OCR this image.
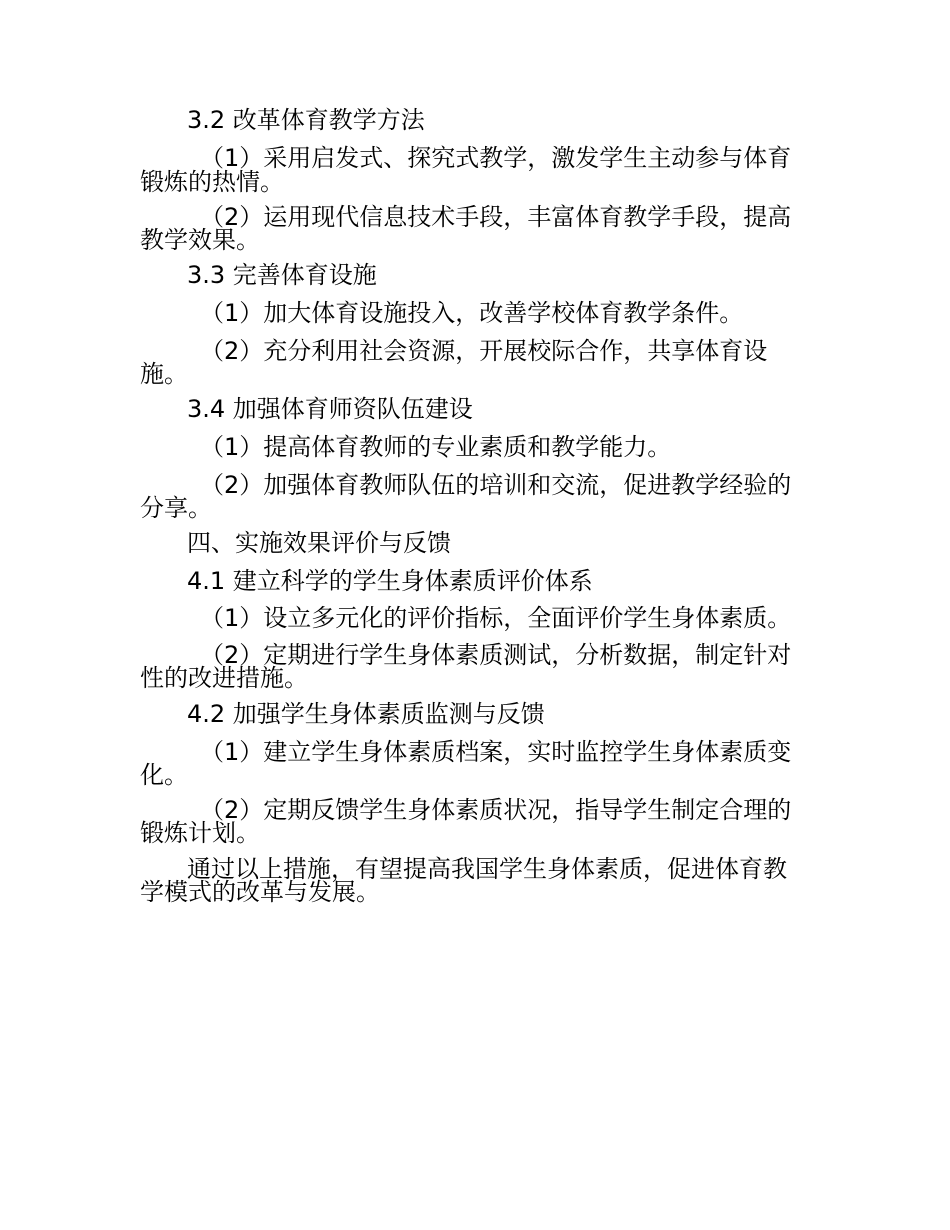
3.2 改革体育教学方法
（1）采用启发式、探究式教学，激发学生主动参与体育
锻炼的热情。
（2）运用现代信息技术手段，丰富体育教学手段，提高
教学效果。
3.3 完善体育设施
（1）加大体育设施投入，改善学校体育教学条件。
（2）充分利用社会资源，开展校际合作，共享体育设
施。
3.4 加强体育师资队伍建设
（1）提高体育教师的专业素质和教学能力。
（2）加强体育教师队伍的培训和交流，促进教学经验的
分享。
四、实施效果评价与反馈
4.1 建立科学的学生身体素质评价体系
（1）设立多元化的评价指标，全面评价学生身体素质。
（2）定期进行学生身体素质测试，分析数据，制定针对
性的改进措施。
4.2 加强学生身体素质监测与反馈
（1）建立学生身体素质档案，实时监控学生身体素质变
化。
（2）定期反馈学生身体素质状况，指导学生制定合理的
锻炼计划。
通过以上措施，有望提高我国学生身体素质，促进体育教
学模式的改革与发展。
